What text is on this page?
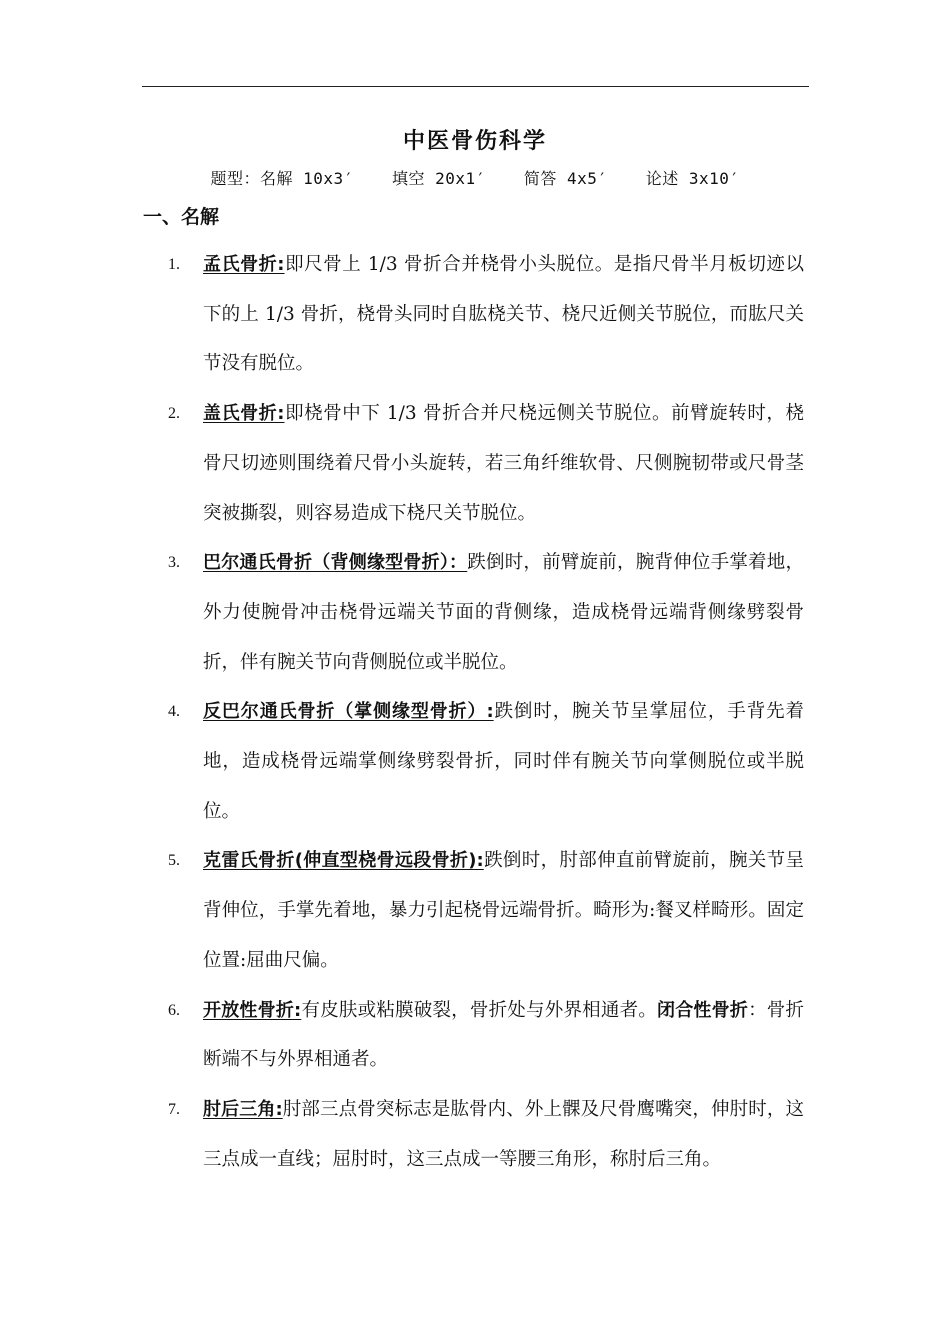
中医骨伤科学
题型：名解 10x3′ 填空 20x1′ 简答 4x5′ 论述 3x10′
一、名解
1. 孟氏骨折:即尺骨上 1/3 骨折合并桡骨小头脱位。是指尺骨半月板切迹以下的上 1/3 骨折，桡骨头同时自肱桡关节、桡尺近侧关节脱位，而肱尺关节没有脱位。
2. 盖氏骨折:即桡骨中下 1/3 骨折合并尺桡远侧关节脱位。前臂旋转时，桡骨尺切迹则围绕着尺骨小头旋转，若三角纤维软骨、尺侧腕韧带或尺骨茎突被撕裂，则容易造成下桡尺关节脱位。
3. 巴尔通氏骨折（背侧缘型骨折）：跌倒时，前臂旋前，腕背伸位手掌着地，外力使腕骨冲击桡骨远端关节面的背侧缘，造成桡骨远端背侧缘劈裂骨折，伴有腕关节向背侧脱位或半脱位。
4. 反巴尔通氏骨折（掌侧缘型骨折）:跌倒时，腕关节呈掌屈位，手背先着地，造成桡骨远端掌侧缘劈裂骨折，同时伴有腕关节向掌侧脱位或半脱位。
5. 克雷氏骨折(伸直型桡骨远段骨折):跌倒时，肘部伸直前臂旋前，腕关节呈背伸位，手掌先着地，暴力引起桡骨远端骨折。畸形为:餐叉样畸形。固定位置:屈曲尺偏。
6. 开放性骨折:有皮肤或粘膜破裂，骨折处与外界相通者。闭合性骨折：骨折断端不与外界相通者。
7. 肘后三角:肘部三点骨突标志是肱骨内、外上髁及尺骨鹰嘴突，伸肘时，这三点成一直线；屈肘时，这三点成一等腰三角形，称肘后三角。
